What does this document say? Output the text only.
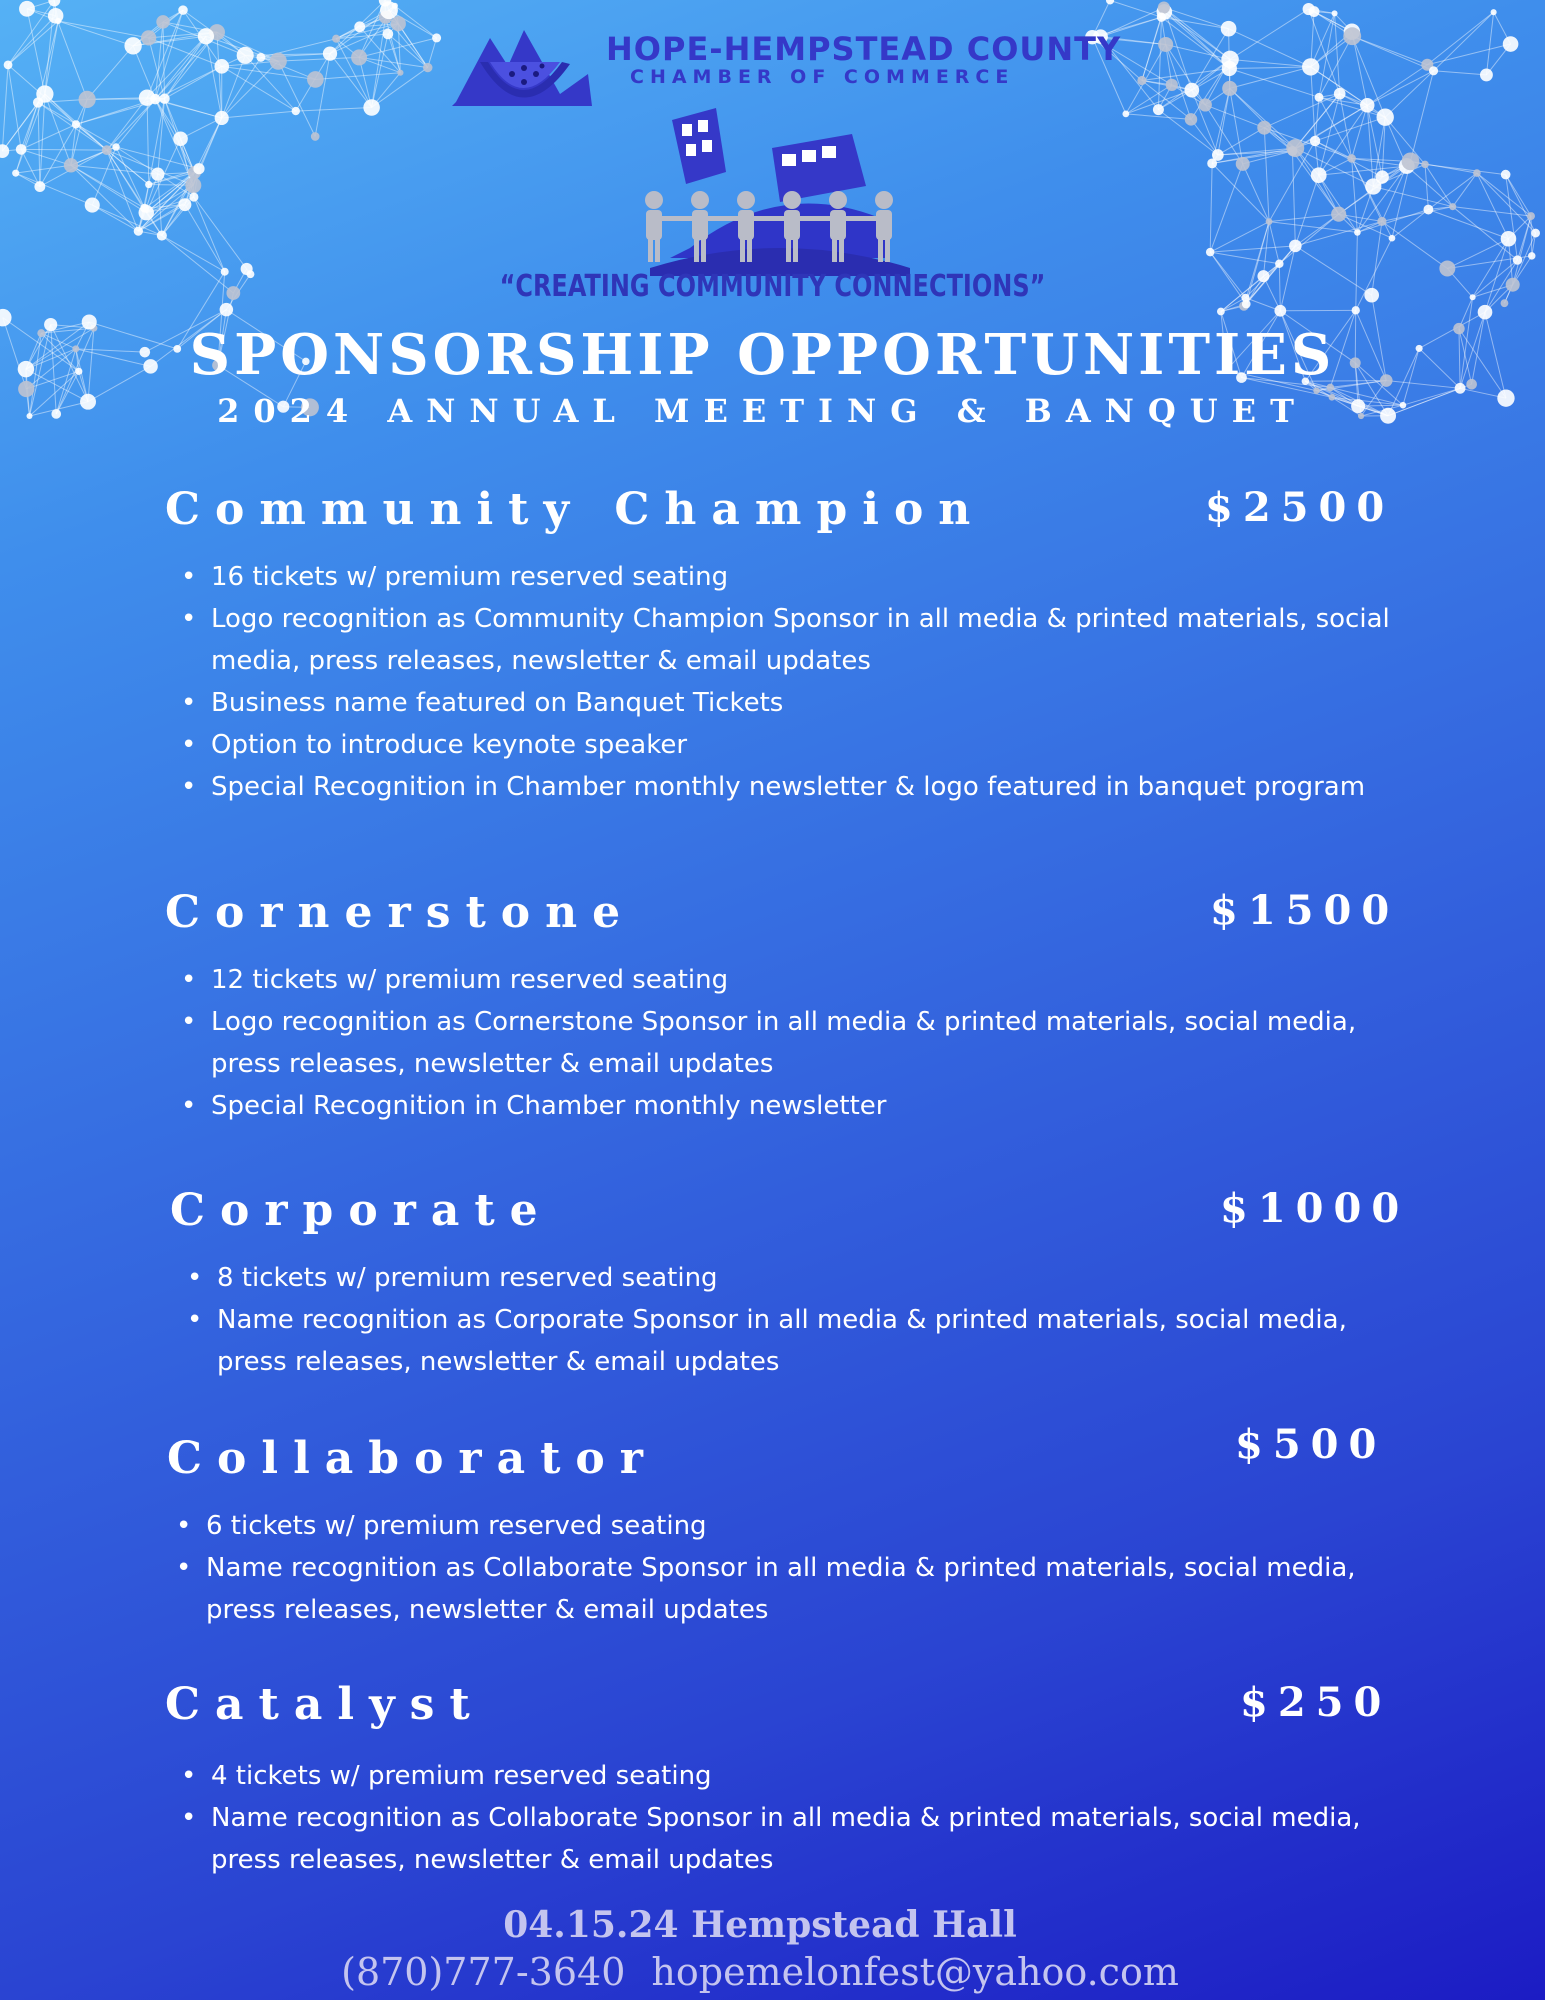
HOPE-HEMPSTEAD COUNTY
CHAMBER OF COMMERCE
“CREATING COMMUNITY CONNECTIONS”
SPONSORSHIP OPPORTUNITIES
2024 ANNUAL MEETING & BANQUET
Community Champion	$2500
• 16 tickets w/ premium reserved seating
• Logo recognition as Community Champion Sponsor in all media & printed materials, social media, press releases, newsletter & email updates
• Business name featured on Banquet Tickets
• Option to introduce keynote speaker
• Special Recognition in Chamber monthly newsletter & logo featured in banquet program
Cornerstone	$1500
• 12 tickets w/ premium reserved seating
• Logo recognition as Cornerstone Sponsor in all media & printed materials, social media, press releases, newsletter & email updates
• Special Recognition in Chamber monthly newsletter
Corporate	$1000
• 8 tickets w/ premium reserved seating
• Name recognition as Corporate Sponsor in all media & printed materials, social media, press releases, newsletter & email updates
Collaborator	$500
• 6 tickets w/ premium reserved seating
• Name recognition as Collaborate Sponsor in all media & printed materials, social media, press releases, newsletter & email updates
Catalyst	$250
• 4 tickets w/ premium reserved seating
• Name recognition as Collaborate Sponsor in all media & printed materials, social media, press releases, newsletter & email updates
04.15.24 Hempstead Hall
(870)777-3640 hopemelonfest@yahoo.com
